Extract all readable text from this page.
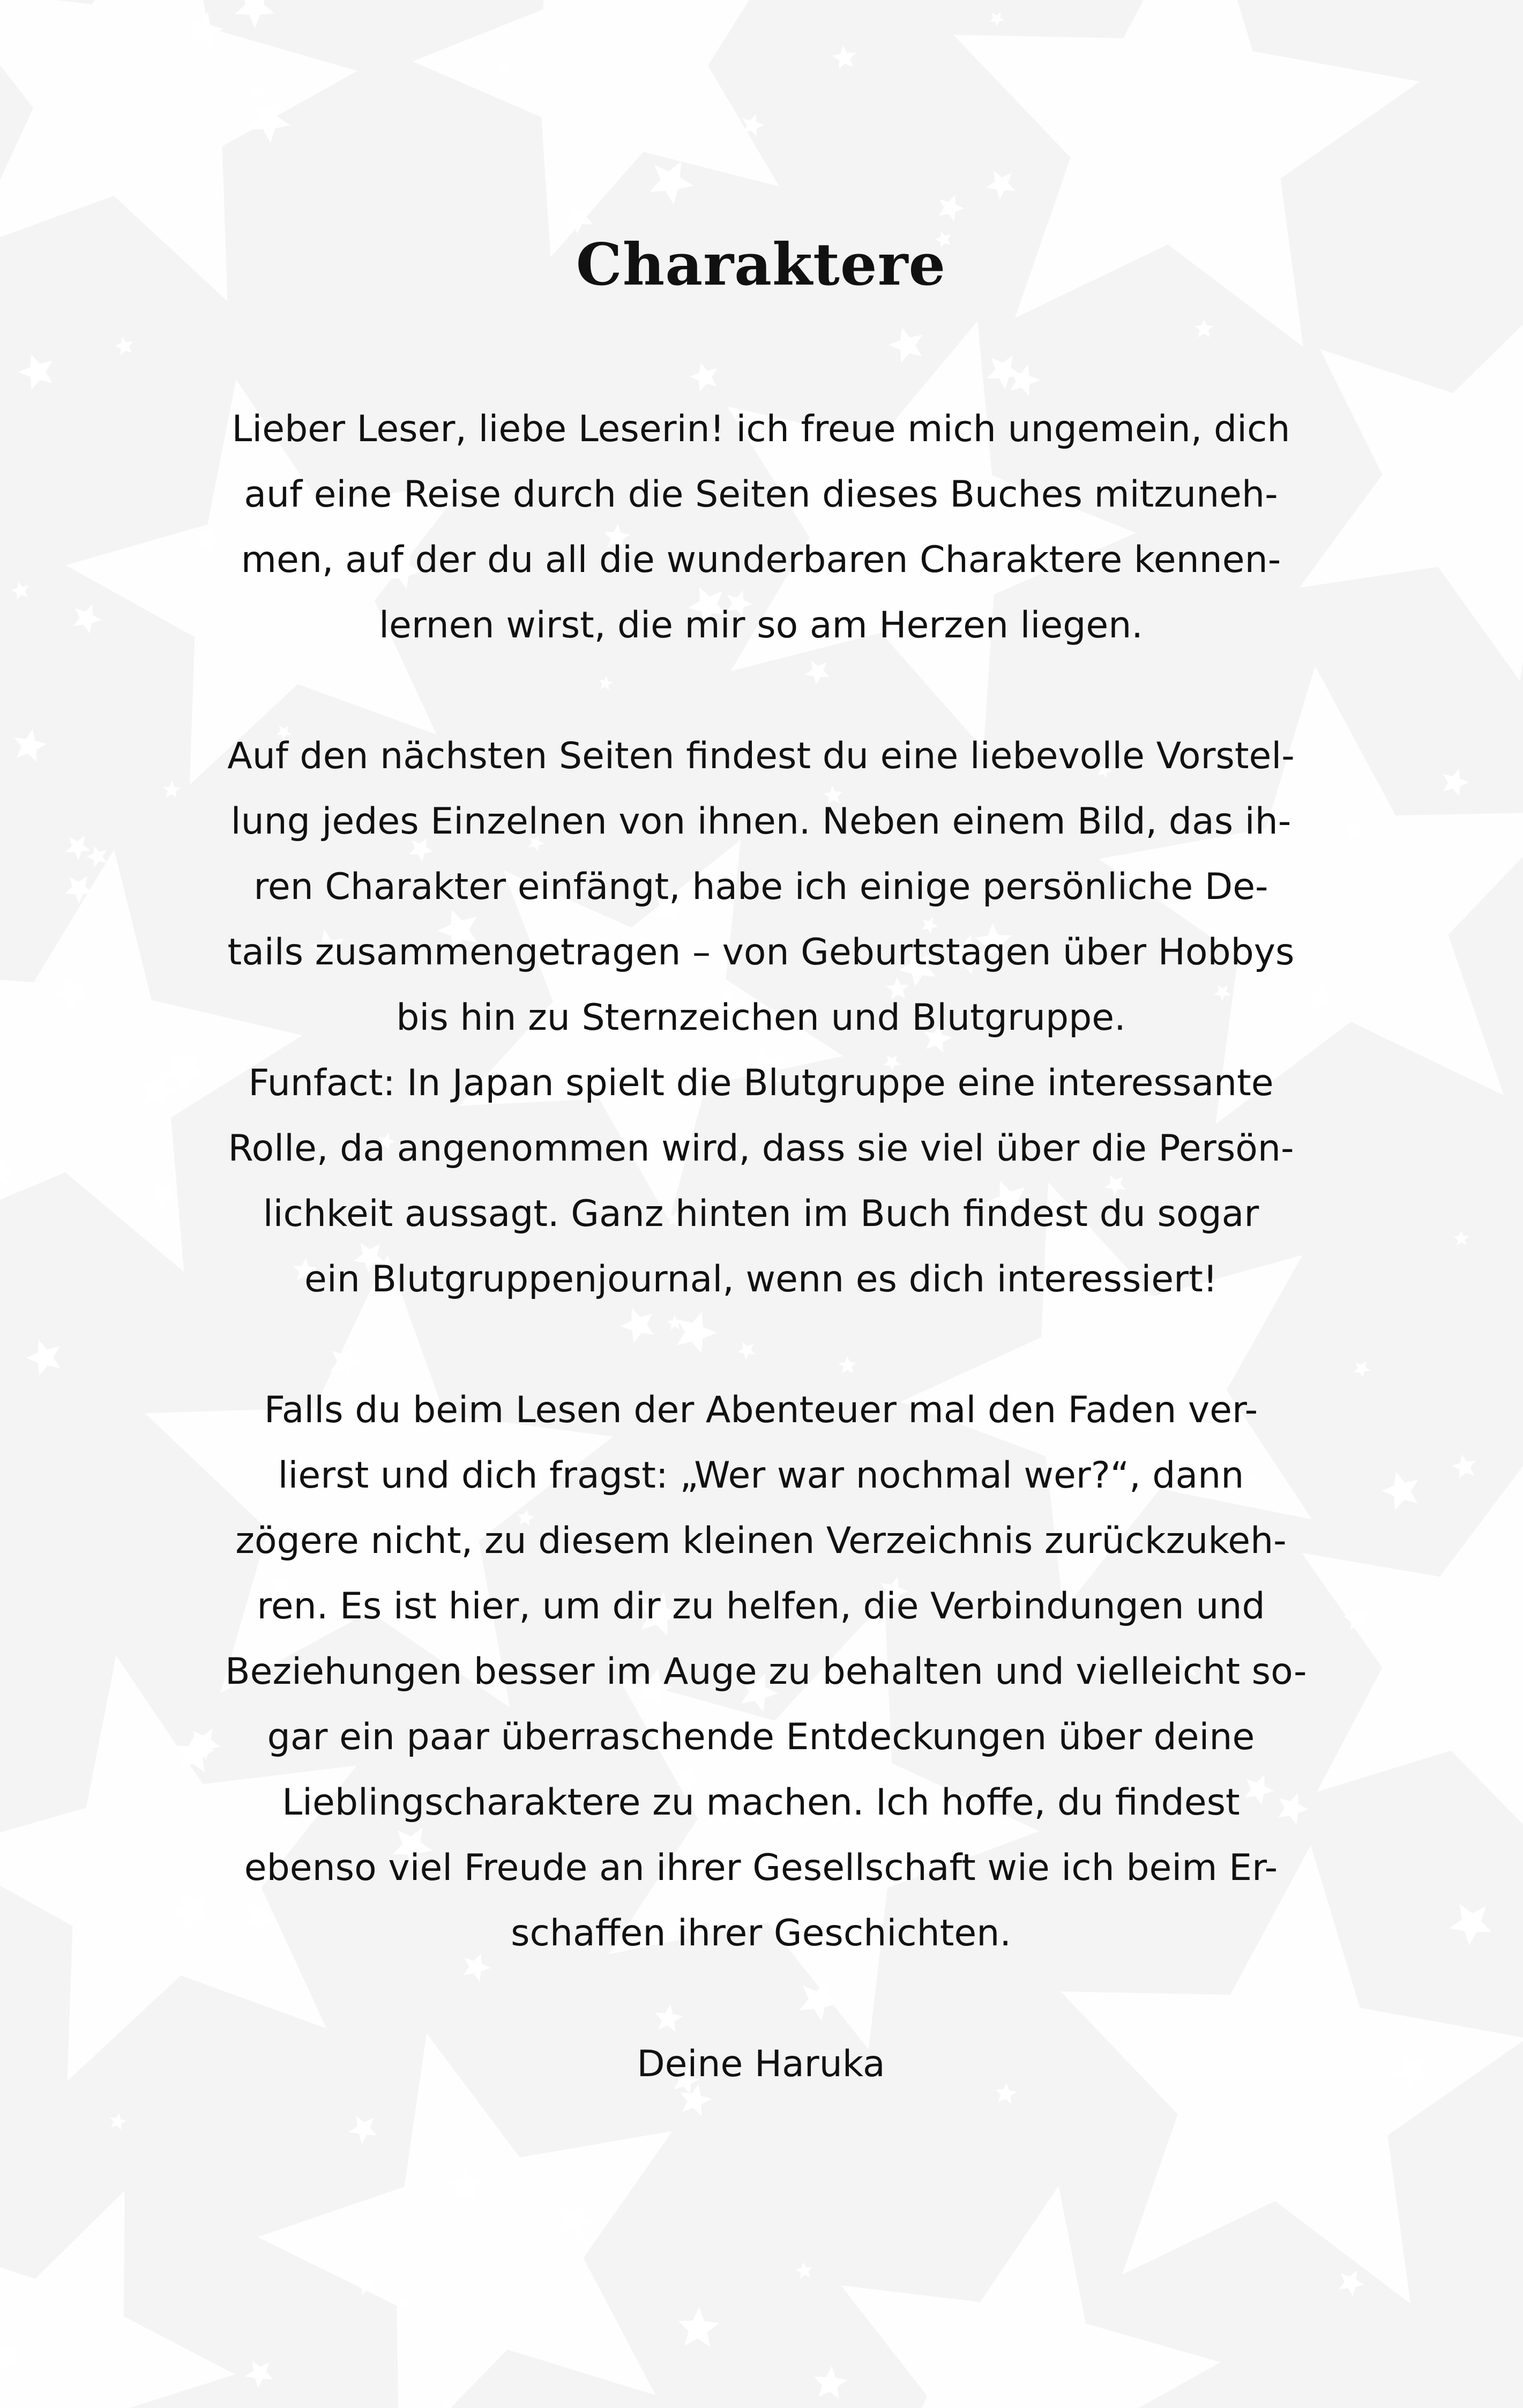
Charaktere
Lieber Leser, liebe Leserin! ich freue mich ungemein, dich
auf eine Reise durch die Seiten dieses Buches mitzuneh-
men, auf der du all die wunderbaren Charaktere kennen-
lernen wirst, die mir so am Herzen liegen.
Auf den nächsten Seiten findest du eine liebevolle Vorstel-
lung jedes Einzelnen von ihnen. Neben einem Bild, das ih-
ren Charakter einfängt, habe ich einige persönliche De-
tails zusammengetragen – von Geburtstagen über Hobbys
bis hin zu Sternzeichen und Blutgruppe.
Funfact: In Japan spielt die Blutgruppe eine interessante
Rolle, da angenommen wird, dass sie viel über die Persön-
lichkeit aussagt. Ganz hinten im Buch findest du sogar
ein Blutgruppenjournal, wenn es dich interessiert!
Falls du beim Lesen der Abenteuer mal den Faden ver-
lierst und dich fragst: „Wer war nochmal wer?“, dann
zögere nicht, zu diesem kleinen Verzeichnis zurückzukeh-
ren. Es ist hier, um dir zu helfen, die Verbindungen und
Beziehungen besser im Auge zu behalten und vielleicht so-
gar ein paar überraschende Entdeckungen über deine
Lieblingscharaktere zu machen. Ich hoffe, du findest
ebenso viel Freude an ihrer Gesellschaft wie ich beim Er-
schaffen ihrer Geschichten.
Deine Haruka
